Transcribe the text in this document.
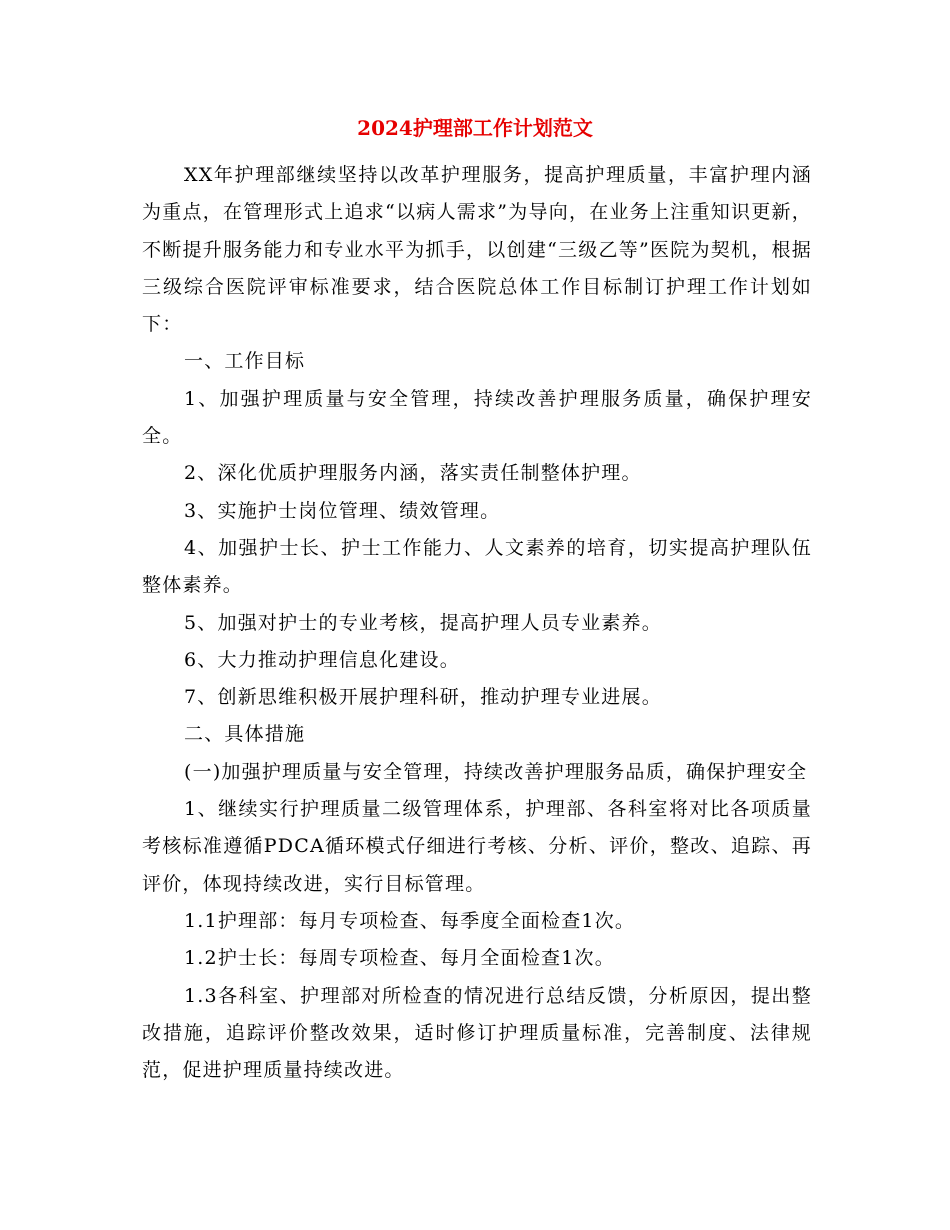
2024护理部工作计划范文

XX年护理部继续坚持以改革护理服务，提高护理质量，丰富护理内涵为重点，在管理形式上追求“以病人需求”为导向，在业务上注重知识更新，不断提升服务能力和专业水平为抓手，以创建“三级乙等”医院为契机，根据三级综合医院评审标准要求，结合医院总体工作目标制订护理工作计划如下：

一、工作目标

1、加强护理质量与安全管理，持续改善护理服务质量，确保护理安全。

2、深化优质护理服务内涵，落实责任制整体护理。

3、实施护士岗位管理、绩效管理。

4、加强护士长、护士工作能力、人文素养的培育，切实提高护理队伍整体素养。

5、加强对护士的专业考核，提高护理人员专业素养。

6、大力推动护理信息化建设。

7、创新思维积极开展护理科研，推动护理专业进展。

二、具体措施

(一)加强护理质量与安全管理，持续改善护理服务品质，确保护理安全

1、继续实行护理质量二级管理体系，护理部、各科室将对比各项质量考核标准遵循PDCA循环模式仔细进行考核、分析、评价，整改、追踪、再评价，体现持续改进，实行目标管理。

1.1护理部：每月专项检查、每季度全面检查1次。

1.2护士长：每周专项检查、每月全面检查1次。

1.3各科室、护理部对所检查的情况进行总结反馈，分析原因，提出整改措施，追踪评价整改效果，适时修订护理质量标准，完善制度、法律规范，促进护理质量持续改进。
